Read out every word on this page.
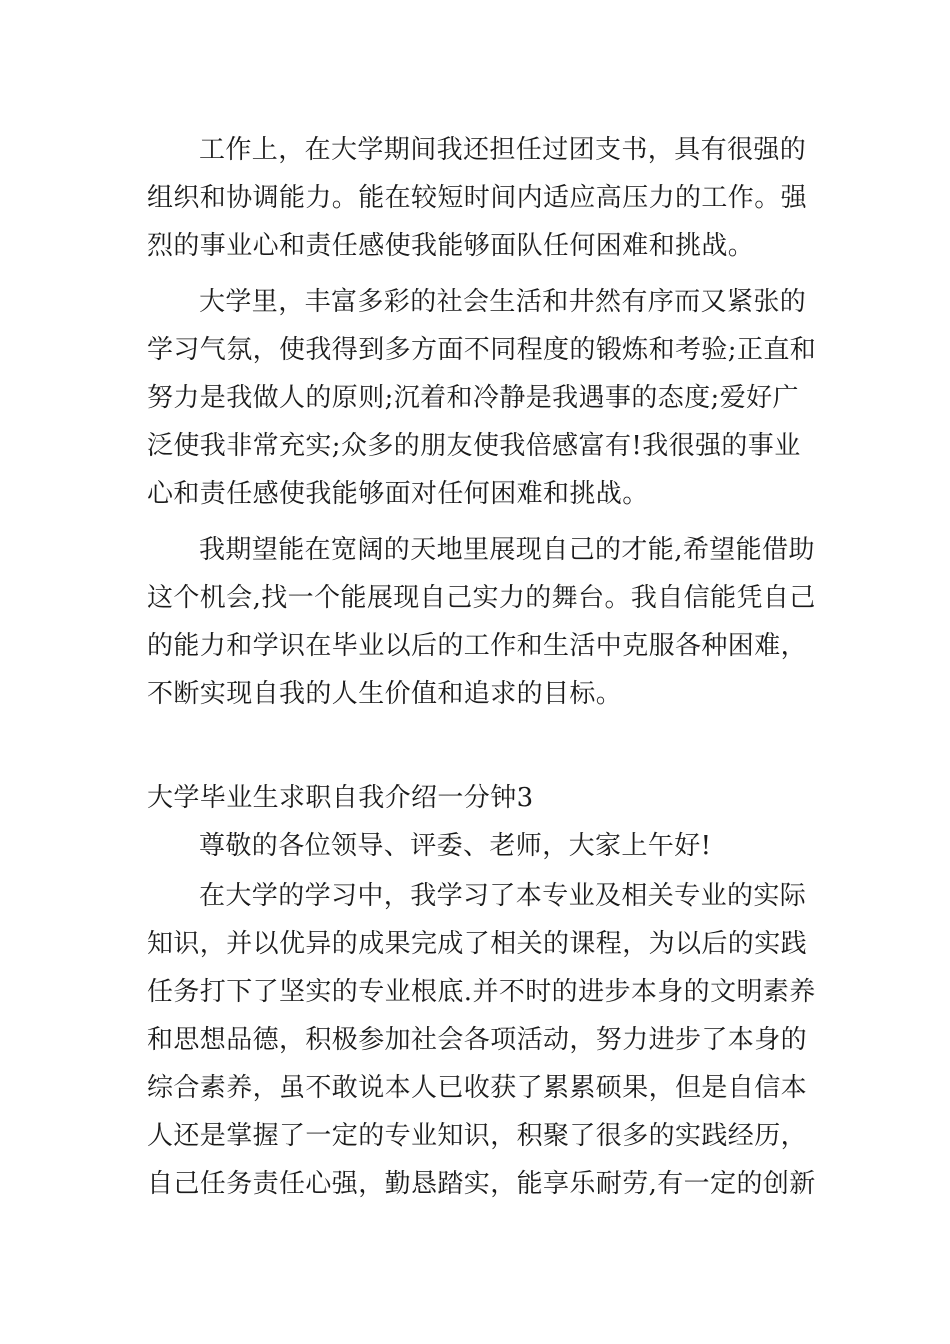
工作上，在大学期间我还担任过团支书，具有很强的
组织和协调能力。能在较短时间内适应高压力的工作。强
烈的事业心和责任感使我能够面队任何困难和挑战。
大学里，丰富多彩的社会生活和井然有序而又紧张的
学习气氛，使我得到多方面不同程度的锻炼和考验;正直和
努力是我做人的原则;沉着和冷静是我遇事的态度;爱好广
泛使我非常充实;众多的朋友使我倍感富有!我很强的事业
心和责任感使我能够面对任何困难和挑战。
我期望能在宽阔的天地里展现自己的才能,希望能借助
这个机会,找一个能展现自己实力的舞台。我自信能凭自己
的能力和学识在毕业以后的工作和生活中克服各种困难，
不断实现自我的人生价值和追求的目标。
大学毕业生求职自我介绍一分钟3
尊敬的各位领导、评委、老师，大家上午好!
在大学的学习中，我学习了本专业及相关专业的实际
知识，并以优异的成果完成了相关的课程，为以后的实践
任务打下了坚实的专业根底.并不时的进步本身的文明素养
和思想品德，积极参加社会各项活动，努力进步了本身的
综合素养，虽不敢说本人已收获了累累硕果，但是自信本
人还是掌握了一定的专业知识，积聚了很多的实践经历，
自己任务责任心强，勤恳踏实，能享乐耐劳,有一定的创新
